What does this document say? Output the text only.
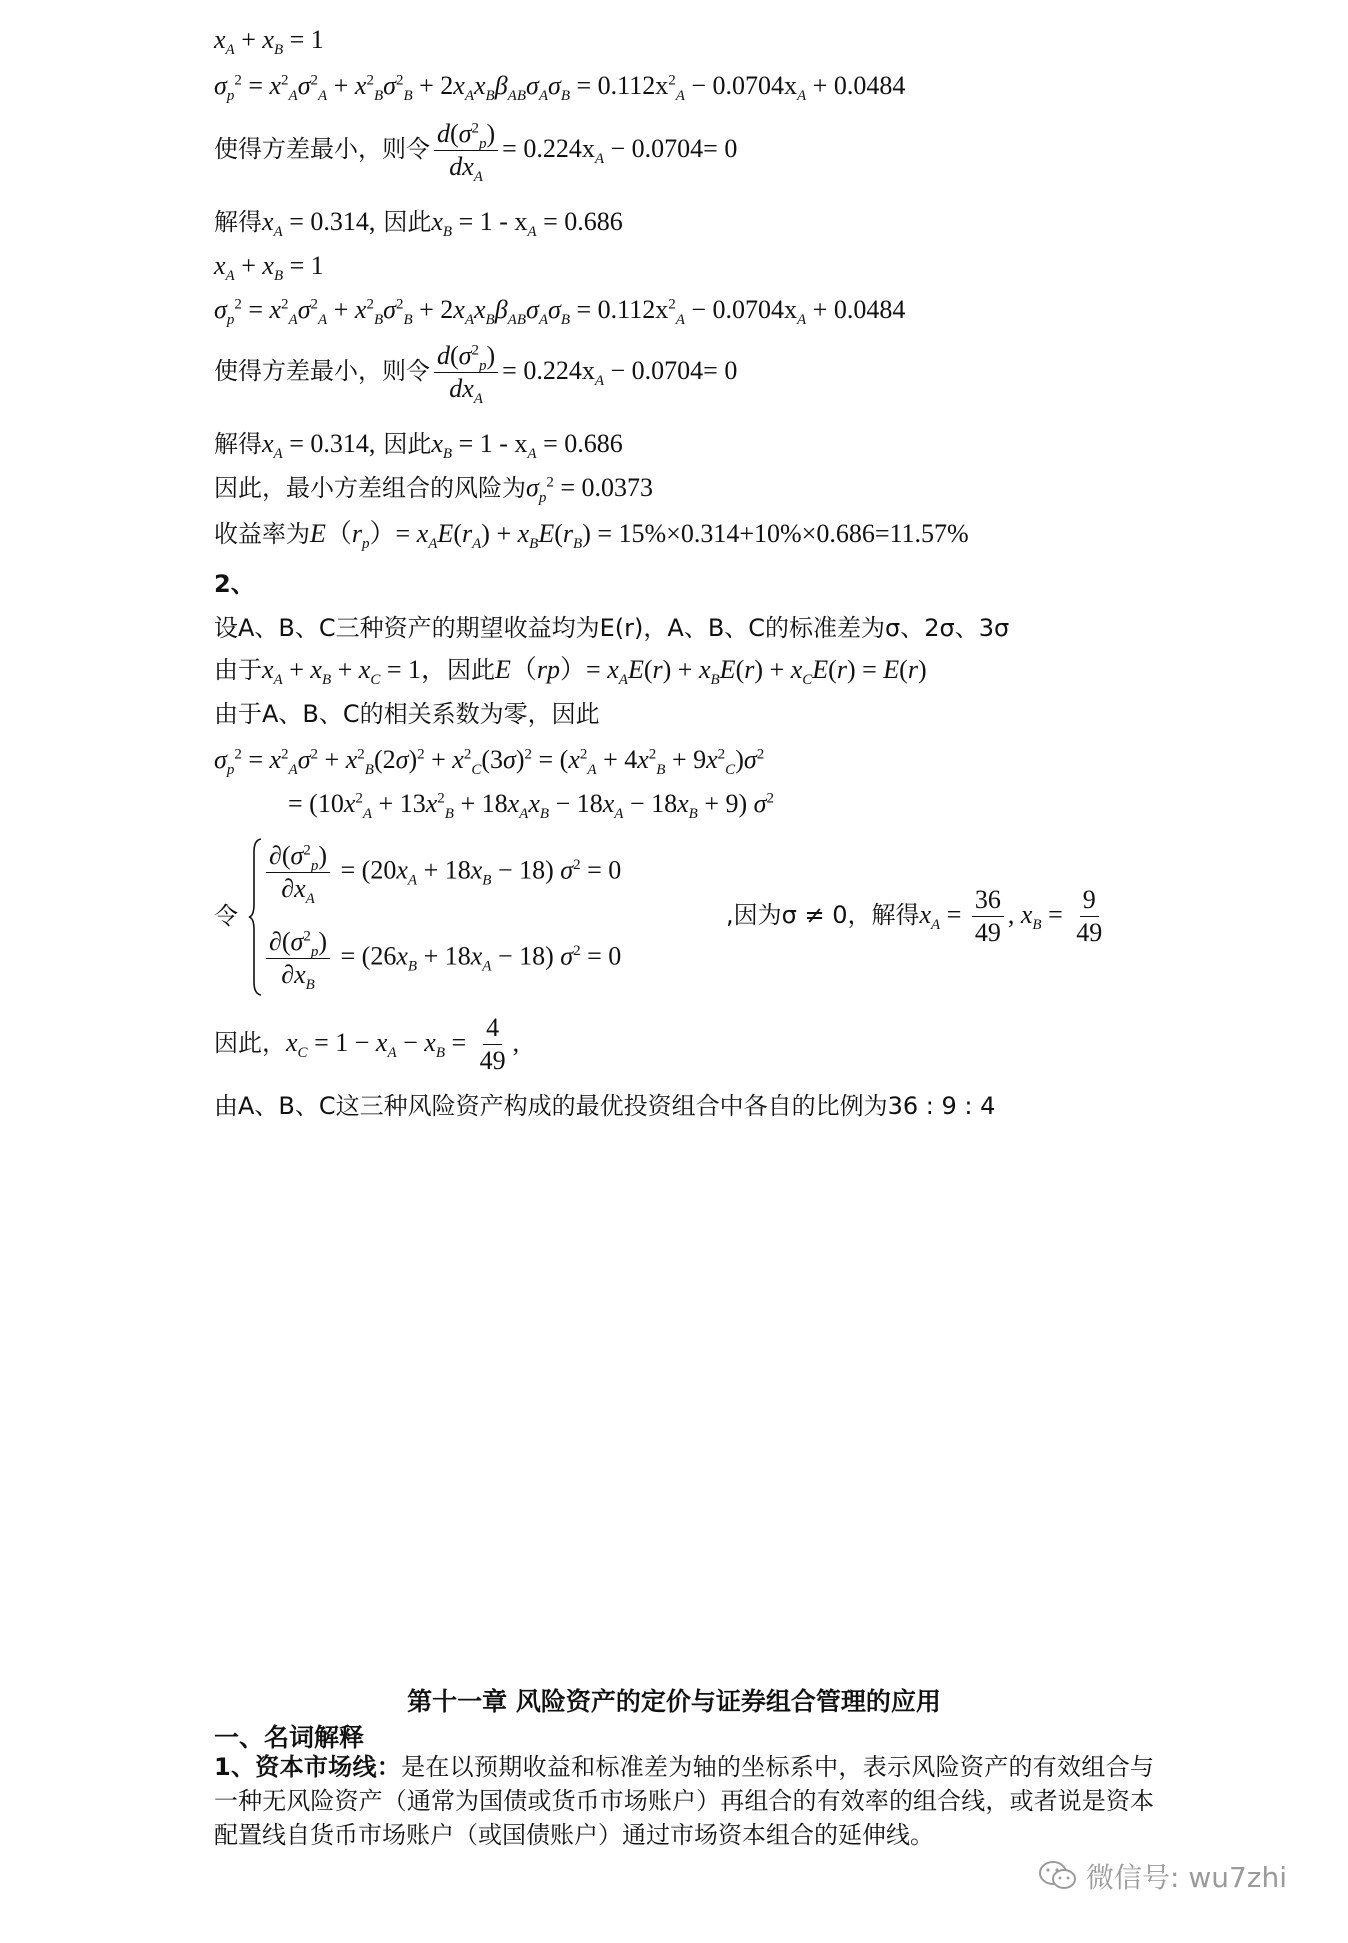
$x_A + x_B = 1$
$\sigma_p^2 = x^2_A\sigma^2_A + x^2_B\sigma^2_B + 2x_Ax_B\beta_{AB}\sigma_A\sigma_B = 0.112x^2_A - 0.0704x_A + 0.0484$
使得方差最小，则令 $\frac{d(\sigma^2_p)}{dx_A} = 0.224x_A - 0.0704= 0$
解得$x_A = 0.314$, 因此$x_B = 1 - x_A = 0.686$
$x_A + x_B = 1$
$\sigma_p^2 = x^2_A\sigma^2_A + x^2_B\sigma^2_B + 2x_Ax_B\beta_{AB}\sigma_A\sigma_B = 0.112x^2_A - 0.0704x_A + 0.0484$
使得方差最小，则令 $\frac{d(\sigma^2_p)}{dx_A} = 0.224x_A - 0.0704= 0$
解得$x_A = 0.314$, 因此$x_B = 1 - x_A = 0.686$
因此，最小方差组合的风险为$\sigma_p^2 = 0.0373$
收益率为$E(r_p)= x_AE(r_A) + x_BE(r_B) = 15\%\times 0.314+10\%\times 0.686=11.57\%$
2、
设A、B、C三种资产的期望收益均为E(r)，A、B、C的标准差为σ、2σ、3σ
由于$x_A + x_B + x_C = 1$，因此$E(rp)= x_AE(r) + x_BE(r) + x_CE(r) = E(r)$
由于A、B、C的相关系数为零，因此
$\sigma_p^2 = x^2_A\sigma^2 + x^2_B(2\sigma)^2 + x^2_C(3\sigma)^2 = (x^2_A + 4x^2_B + 9x^2_C)\sigma^2$
= $(10x^2_A + 13x^2_B + 18x_Ax_B - 18x_A - 18x_B + 9)$ $\sigma^2$
令
$\frac{\partial(\sigma^2_p)}{\partial x_A} = (20x_A + 18x_B - 18) \sigma^2 = 0$
$\frac{\partial(\sigma^2_p)}{\partial x_B} = (26x_B + 18x_A - 18) \sigma^2 = 0$
,因为σ ≠ 0，解得$x_A = \frac{36}{49}$ , $x_B = \frac{9}{49}$
因此，$x_C = 1 - x_A - x_B = \frac{4}{49}$ ,
由A、B、C这三种风险资产构成的最优投资组合中各自的比例为36 : 9 : 4
第十一章 风险资产的定价与证券组合管理的应用
一、名词解释
1、资本市场线：是在以预期收益和标准差为轴的坐标系中，表示风险资产的有效组合与一种无风险资产（通常为国债或货币市场账户）再组合的有效率的组合线，或者说是资本配置线自货币市场账户（或国债账户）通过市场资本组合的延伸线。
微信号: wu7zhi
